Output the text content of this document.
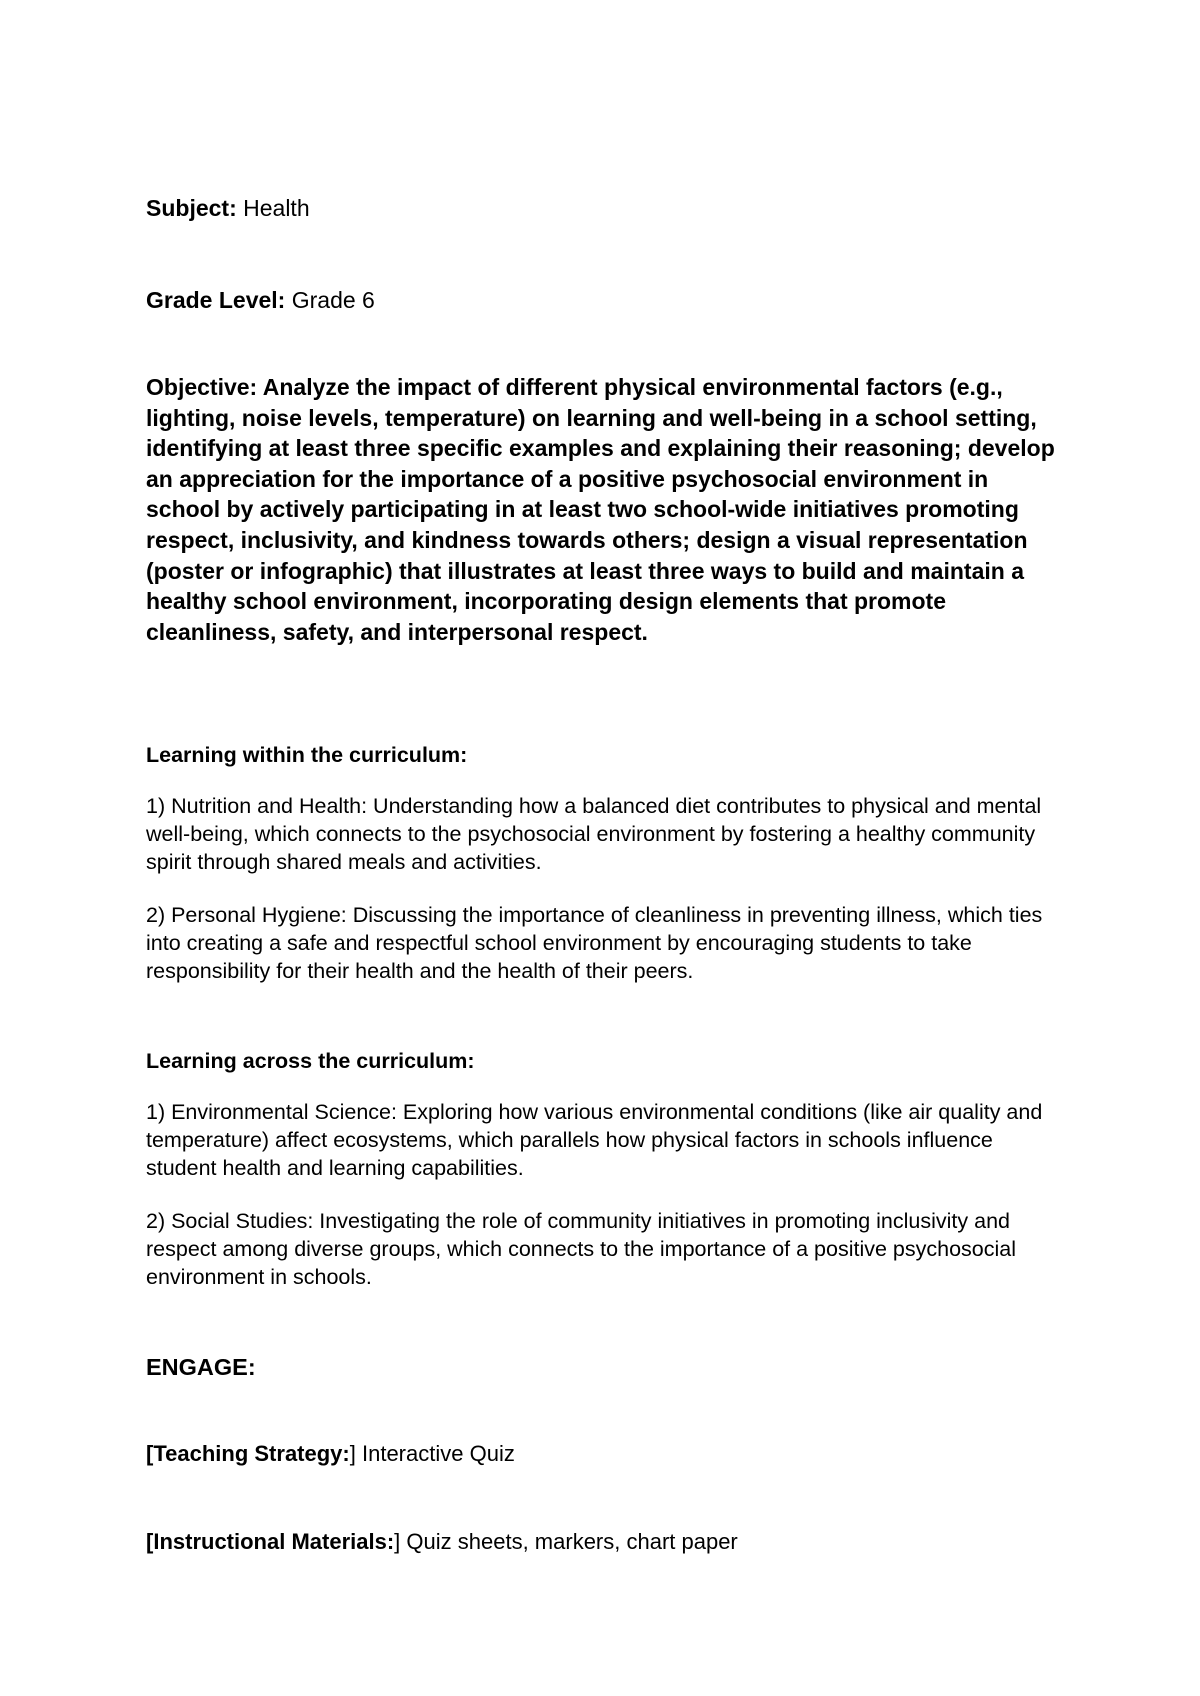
Subject: Health
Grade Level: Grade 6
Objective: Analyze the impact of different physical environmental factors (e.g., lighting, noise levels, temperature) on learning and well-being in a school setting, identifying at least three specific examples and explaining their reasoning; develop an appreciation for the importance of a positive psychosocial environment in school by actively participating in at least two school-wide initiatives promoting respect, inclusivity, and kindness towards others; design a visual representation (poster or infographic) that illustrates at least three ways to build and maintain a healthy school environment, incorporating design elements that promote cleanliness, safety, and interpersonal respect.
Learning within the curriculum:
1) Nutrition and Health: Understanding how a balanced diet contributes to physical and mental well-being, which connects to the psychosocial environment by fostering a healthy community spirit through shared meals and activities.
2) Personal Hygiene: Discussing the importance of cleanliness in preventing illness, which ties into creating a safe and respectful school environment by encouraging students to take responsibility for their health and the health of their peers.
Learning across the curriculum:
1) Environmental Science: Exploring how various environmental conditions (like air quality and temperature) affect ecosystems, which parallels how physical factors in schools influence student health and learning capabilities.
2) Social Studies: Investigating the role of community initiatives in promoting inclusivity and respect among diverse groups, which connects to the importance of a positive psychosocial environment in schools.
ENGAGE:
[Teaching Strategy:] Interactive Quiz
[Instructional Materials:] Quiz sheets, markers, chart paper
